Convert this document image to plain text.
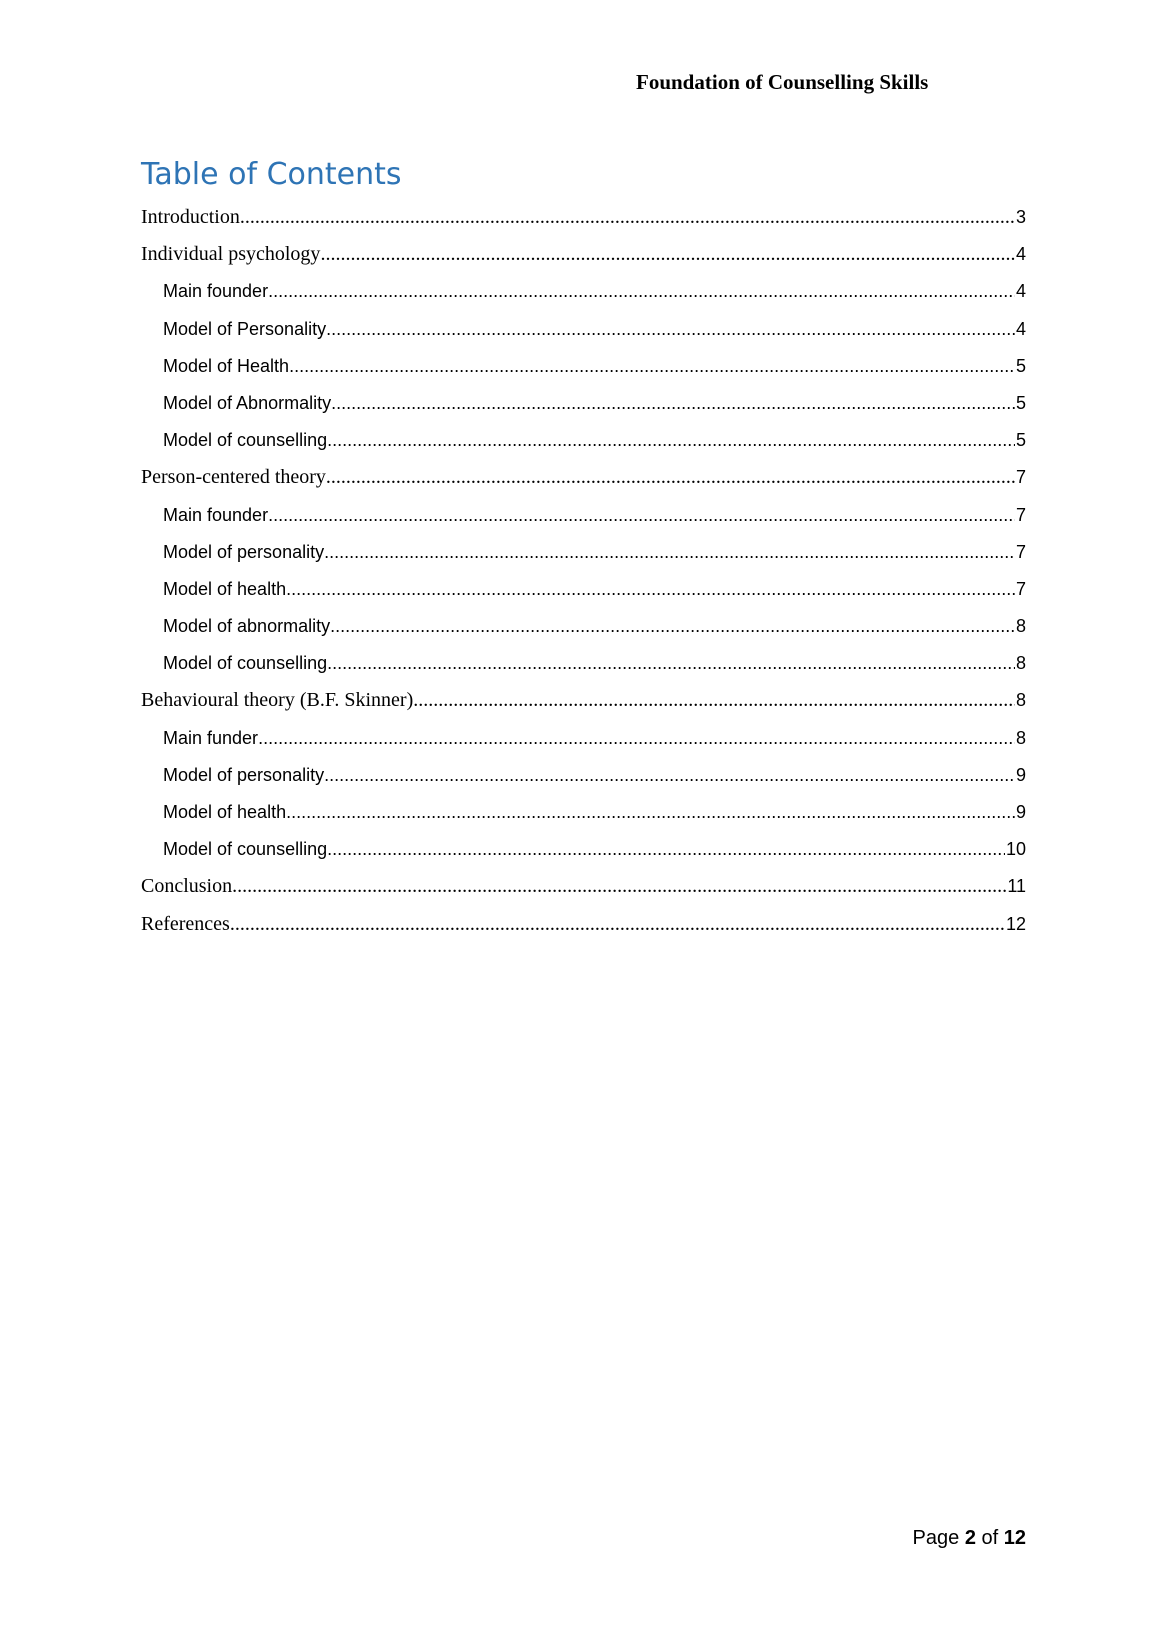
Foundation of Counselling Skills
Table of Contents
Introduction .....	3
Individual psychology .....	4
Main founder .....	4
Model of Personality .....	4
Model of Health .....	5
Model of Abnormality .....	5
Model of counselling .....	5
Person-centered theory .....	7
Main founder .....	7
Model of personality .....	7
Model of health .....	7
Model of abnormality .....	8
Model of counselling .....	8
Behavioural theory (B.F. Skinner) .....	8
Main funder .....	8
Model of personality .....	9
Model of health .....	9
Model of counselling .....	10
Conclusion .....	11
References .....	12
Page 2 of 12
